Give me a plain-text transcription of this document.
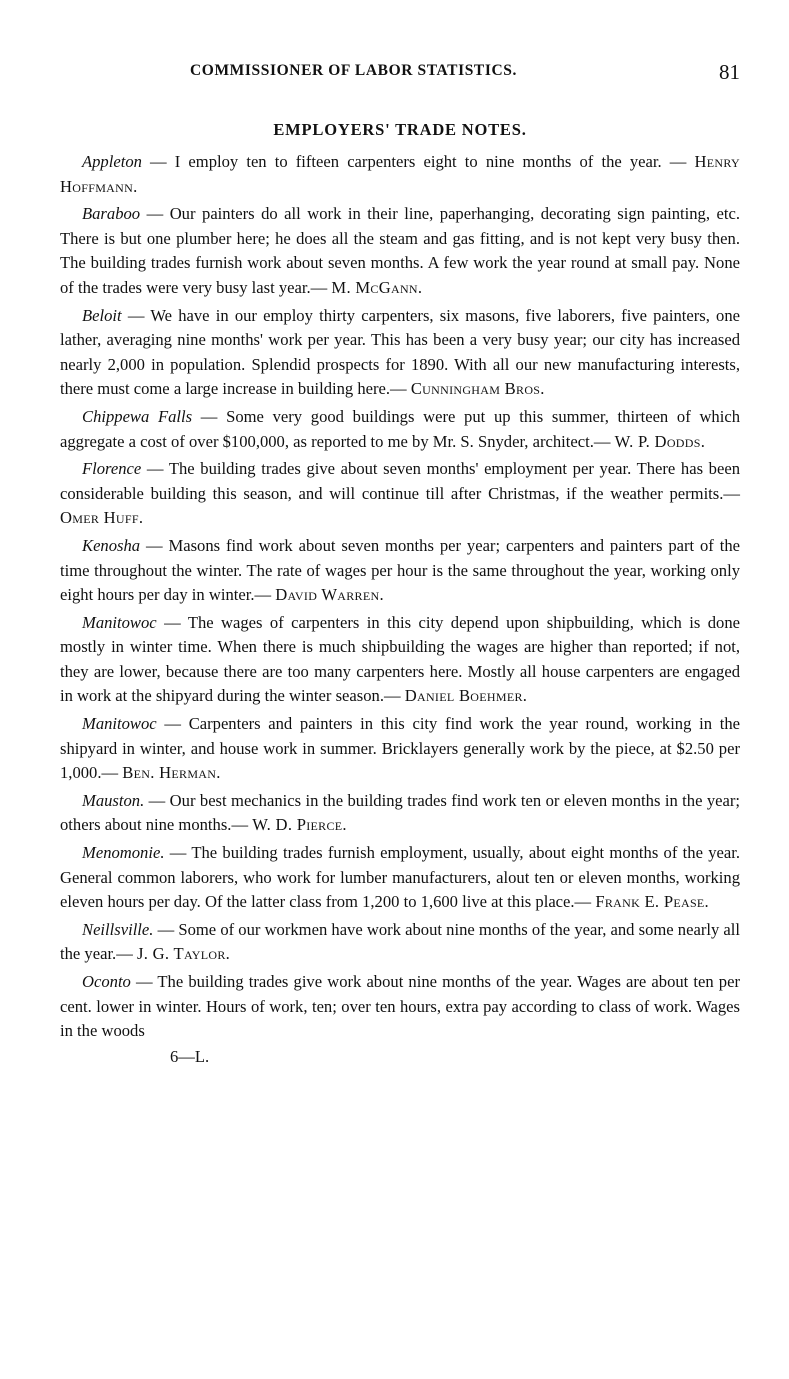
COMMISSIONER OF LABOR STATISTICS.	81
EMPLOYERS' TRADE NOTES.

Appleton — I employ ten to fifteen carpenters eight to nine months of the year. — Henry Hoffmann.

Baraboo — Our painters do all work in their line, paperhanging, decorating sign painting, etc. There is but one plumber here; he does all the steam and gas fitting, and is not kept very busy then. The building trades furnish work about seven months. A few work the year round at small pay. None of the trades were very busy last year.— M. McGann.

Beloit — We have in our employ thirty carpenters, six masons, five laborers, five painters, one lather, averaging nine months' work per year. This has been a very busy year; our city has increased nearly 2,000 in population. Splendid prospects for 1890. With all our new manufacturing interests, there must come a large increase in building here.— Cunningham Bros.

Chippewa Falls — Some very good buildings were put up this summer, thirteen of which aggregate a cost of over $100,000, as reported to me by Mr. S. Snyder, architect.— W. P. Dodds.

Florence — The building trades give about seven months' employment per year. There has been considerable building this season, and will continue till after Christmas, if the weather permits.— Omer Huff.

Kenosha — Masons find work about seven months per year; carpenters and painters part of the time throughout the winter. The rate of wages per hour is the same throughout the year, working only eight hours per day in winter.— David Warren.

Manitowoc — The wages of carpenters in this city depend upon shipbuilding, which is done mostly in winter time. When there is much shipbuilding the wages are higher than reported; if not, they are lower, because there are too many carpenters here. Mostly all house carpenters are engaged in work at the shipyard during the winter season.— Daniel Boehmer.

Manitowoc — Carpenters and painters in this city find work the year round, working in the shipyard in winter, and house work in summer. Bricklayers generally work by the piece, at $2.50 per 1,000.— Ben. Herman.

Mauston. — Our best mechanics in the building trades find work ten or eleven months in the year; others about nine months.— W. D. Pierce.

Menomonie. — The building trades furnish employment, usually, about eight months of the year. General common laborers, who work for lumber manufacturers, alout ten or eleven months, working eleven hours per day. Of the latter class from 1,200 to 1,600 live at this place.— Frank E. Pease.

Neillsville. — Some of our workmen have work about nine months of the year, and some nearly all the year.— J. G. Taylor.

Oconto — The building trades give work about nine months of the year. Wages are about ten per cent. lower in winter. Hours of work, ten; over ten hours, extra pay according to class of work. Wages in the woods

6—L.
